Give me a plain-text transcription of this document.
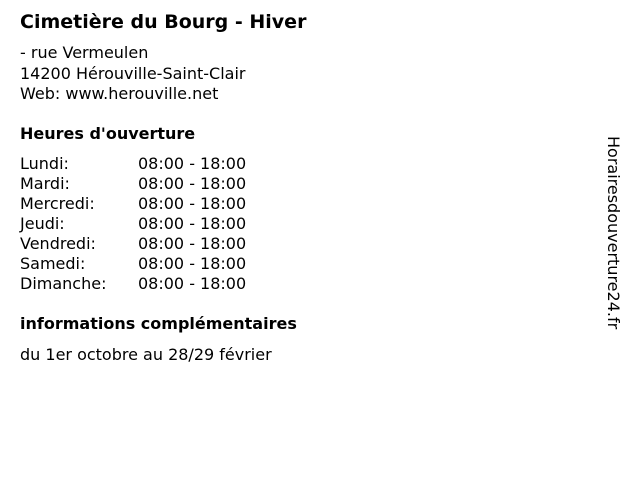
Cimetière du Bourg - Hiver
- rue Vermeulen
14200 Hérouville-Saint-Clair
Web: www.herouville.net
Heures d'ouverture
Lundi:	08:00 - 18:00
Mardi:	08:00 - 18:00
Mercredi:	08:00 - 18:00
Jeudi:	08:00 - 18:00
Vendredi:	08:00 - 18:00
Samedi:	08:00 - 18:00
Dimanche: 08:00 - 18:00
informations complémentaires
du 1er octobre au 28/29 février
Horairesdouverture24.fr
